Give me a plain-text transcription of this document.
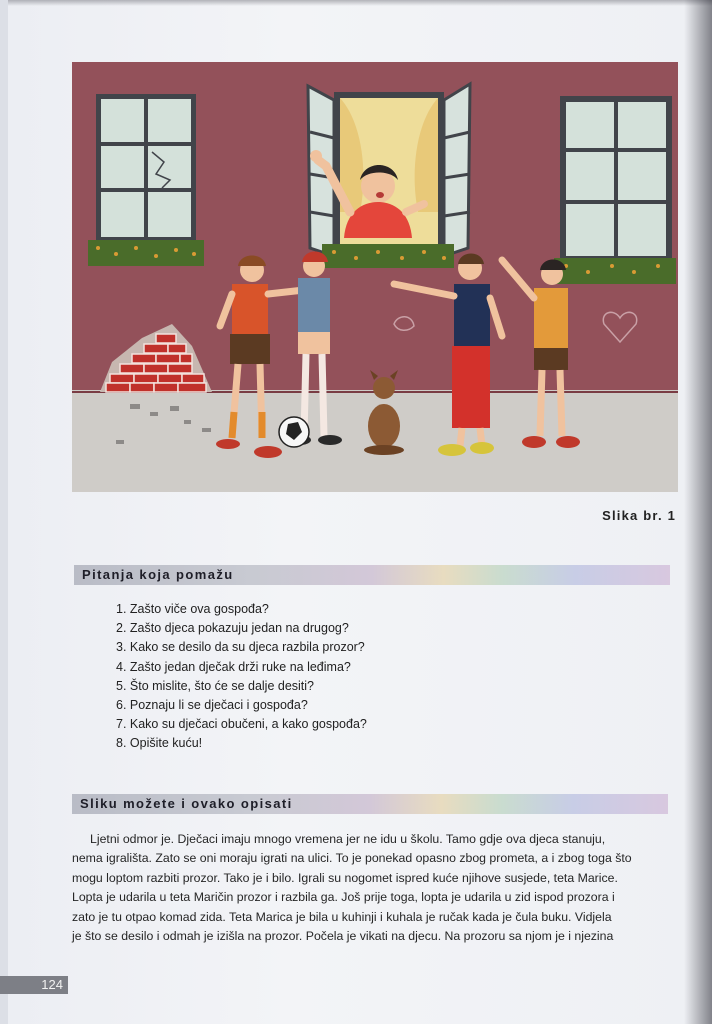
Slika br. 1
Pitanja koja pomažu
1. Zašto viče ova gospođa?
2. Zašto djeca pokazuju jedan na drugog?
3. Kako se desilo da su djeca razbila prozor?
4. Zašto jedan dječak drži ruke na leđima?
5. Što mislite, što će se dalje desiti?
6. Poznaju li se dječaci i gospođa?
7. Kako su dječaci obučeni, a kako gospođa?
8. Opišite kuću!
Sliku možete i ovako opisati

Ljetni odmor je. Dječaci imaju mnogo vremena jer ne idu u školu. Tamo gdje ova djeca stanuju,
nema igrališta. Zato se oni moraju igrati na ulici. To je ponekad opasno zbog prometa, a i zbog toga što
mogu loptom razbiti prozor. Tako je i bilo. Igrali su nogomet ispred kuće njihove susjede, teta Marice.
Lopta je udarila u teta Maričin prozor i razbila ga. Još prije toga, lopta je udarila u zid ispod prozora i
zato je tu otpao komad zida. Teta Marica je bila u kuhinji i kuhala je ručak kada je čula buku. Vidjela
je što se desilo i odmah je izišla na prozor. Počela je vikati na djecu. Na prozoru sa njom je i njezina

124
